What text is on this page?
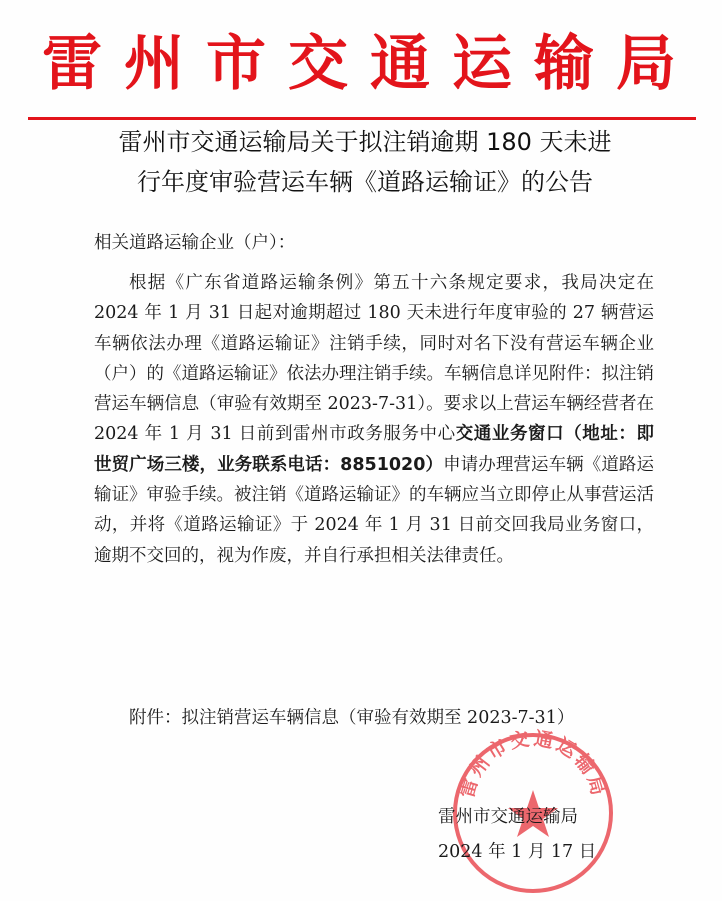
雷州市交通运输局
雷州市交通运输局关于拟注销逾期 180 天未进
行年度审验营运车辆《道路运输证》的公告
相关道路运输企业（户）：

根据《广东省道路运输条例》第五十六条规定要求，我局决定在 2024 年 1 月 31 日起对逾期超过 180 天未进行年度审验的 27 辆营运车辆依法办理《道路运输证》注销手续，同时对名下没有营运车辆企业（户）的《道路运输证》依法办理注销手续。车辆信息详见附件：拟注销营运车辆信息（审验有效期至 2023-7-31）。要求以上营运车辆经营者在 2024 年 1 月 31 日前到雷州市政务服务中心交通业务窗口（地址：即世贸广场三楼，业务联系电话：8851020）申请办理营运车辆《道路运输证》审验手续。被注销《道路运输证》的车辆应当立即停止从事营运活动，并将《道路运输证》于 2024 年 1 月 31 日前交回我局业务窗口，逾期不交回的，视为作废，并自行承担相关法律责任。

附件：拟注销营运车辆信息（审验有效期至 2023-7-31）
雷州市交通运输局
雷州市交通运输局
2024 年 1 月 17 日
